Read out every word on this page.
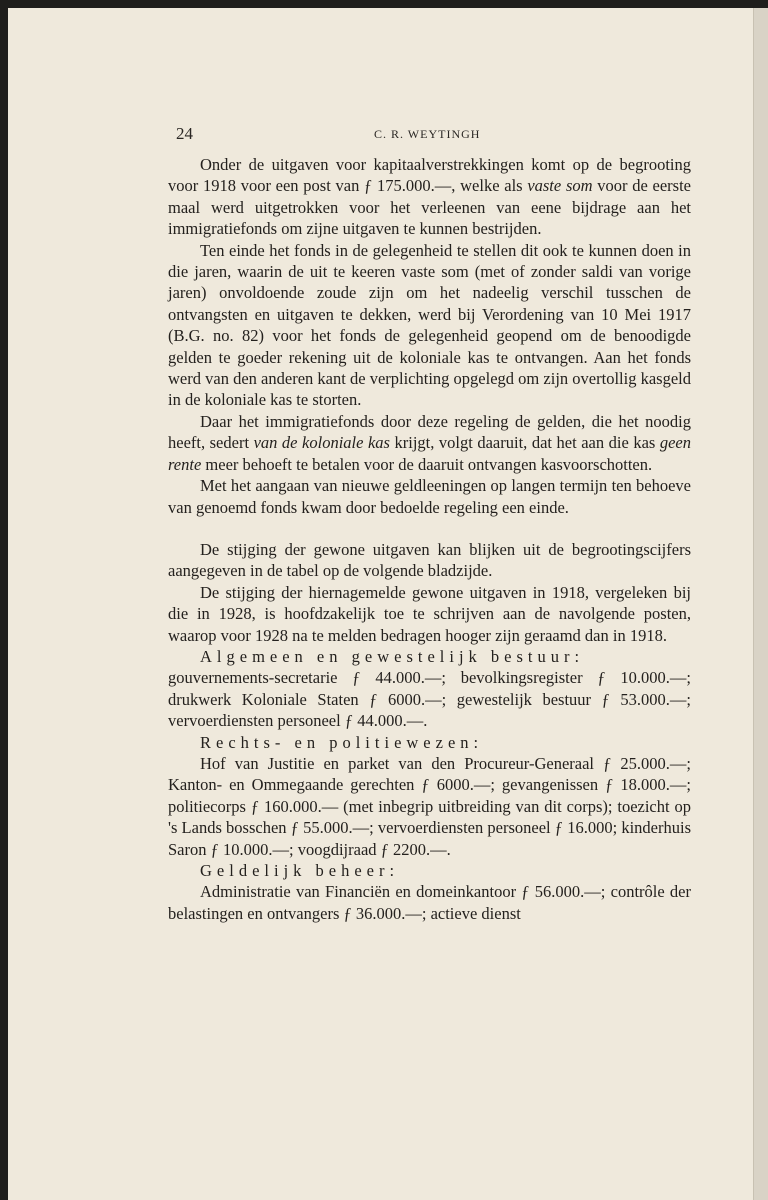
24	C. R. WEYTINGH

Onder de uitgaven voor kapitaalverstrekkingen komt op de begrooting voor 1918 voor een post van ƒ 175.000.—, welke als vaste som voor de eerste maal werd uitgetrokken voor het verleenen van eene bijdrage aan het immigratiefonds om zijne uitgaven te kunnen bestrijden.

Ten einde het fonds in de gelegenheid te stellen dit ook te kunnen doen in die jaren, waarin de uit te keeren vaste som (met of zonder saldi van vorige jaren) onvoldoende zoude zijn om het nadeelig verschil tusschen de ontvangsten en uitgaven te dekken, werd bij Verordening van 10 Mei 1917 (B.G. no. 82) voor het fonds de gelegenheid geopend om de benoodigde gelden te goeder rekening uit de koloniale kas te ontvangen. Aan het fonds werd van den anderen kant de verplichting opgelegd om zijn overtollig kasgeld in de koloniale kas te storten.

Daar het immigratiefonds door deze regeling de gelden, die het noodig heeft, sedert van de koloniale kas krijgt, volgt daaruit, dat het aan die kas geen rente meer behoeft te betalen voor de daaruit ontvangen kasvoorschotten.

Met het aangaan van nieuwe geldleeningen op langen termijn ten behoeve van genoemd fonds kwam door bedoelde regeling een einde.

De stijging der gewone uitgaven kan blijken uit de begrootingscijfers aangegeven in de tabel op de volgende bladzijde.

De stijging der hiernagemelde gewone uitgaven in 1918, vergeleken bij die in 1928, is hoofdzakelijk toe te schrijven aan de navolgende posten, waarop voor 1928 na te melden bedragen hooger zijn geraamd dan in 1918.

Algemeen en gewestelijk bestuur:

gouvernements-secretarie ƒ 44.000.—; bevolkingsregister ƒ 10.000.—; drukwerk Koloniale Staten ƒ 6000.—; gewestelijk bestuur ƒ 53.000.—; vervoerdiensten personeel ƒ 44.000.—.

Rechts- en politiewezen:

Hof van Justitie en parket van den Procureur-Generaal ƒ 25.000.—; Kanton- en Ommegaande gerechten ƒ 6000.—; gevangenissen ƒ 18.000.—; politiecorps ƒ 160.000.— (met inbegrip uitbreiding van dit corps); toezicht op 's Lands bosschen ƒ 55.000.—; vervoerdiensten personeel ƒ 16.000; kinderhuis Saron ƒ 10.000.—; voogdijraad ƒ 2200.—.

Geldelijk beheer:

Administratie van Financiën en domeinkantoor ƒ 56.000.—; contrôle der belastingen en ontvangers ƒ 36.000.—; actieve dienst
